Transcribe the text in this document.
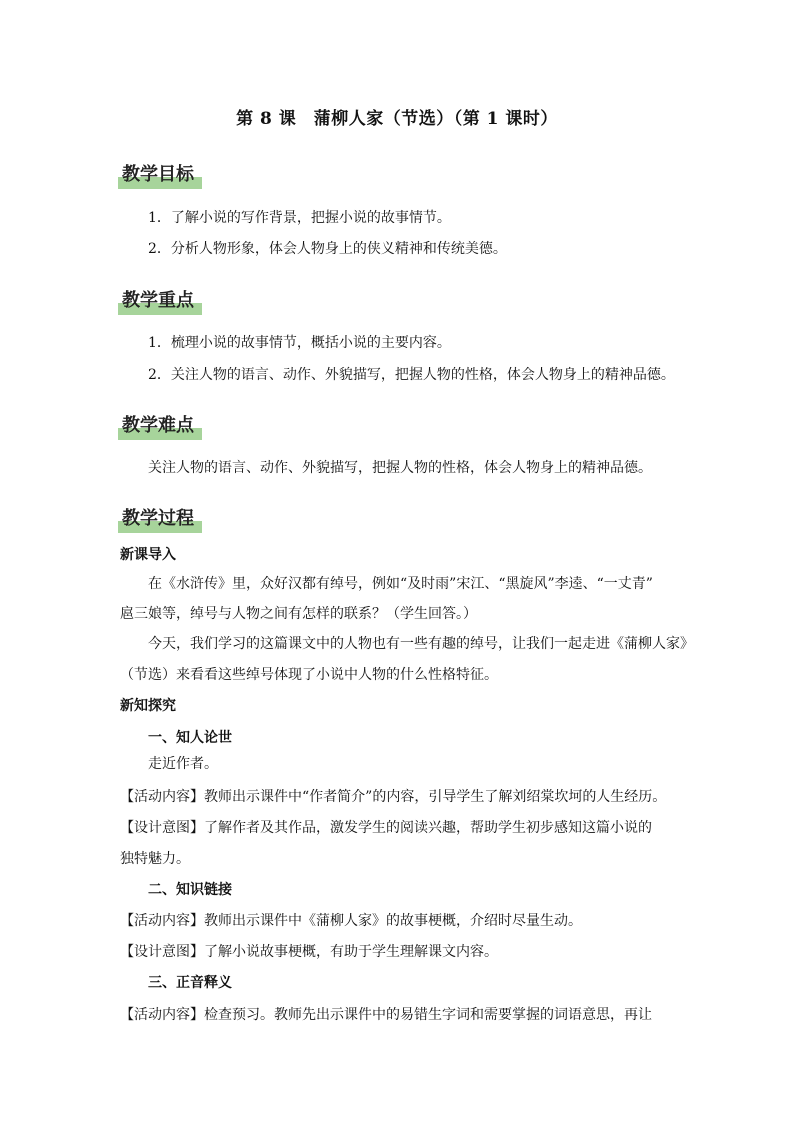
第 8 课　蒲柳人家（节选）（第 1 课时）
教学目标
1．了解小说的写作背景，把握小说的故事情节。
2．分析人物形象，体会人物身上的侠义精神和传统美德。
教学重点
1．梳理小说的故事情节，概括小说的主要内容。
2．关注人物的语言、动作、外貌描写，把握人物的性格，体会人物身上的精神品德。
教学难点
关注人物的语言、动作、外貌描写，把握人物的性格，体会人物身上的精神品德。
教学过程
新课导入
在《水浒传》里，众好汉都有绰号，例如“及时雨”宋江、“黑旋风”李逵、“一丈青”
扈三娘等，绰号与人物之间有怎样的联系？（学生回答。）
今天，我们学习的这篇课文中的人物也有一些有趣的绰号，让我们一起走进《蒲柳人家》
（节选）来看看这些绰号体现了小说中人物的什么性格特征。
新知探究
一、知人论世
走近作者。
【活动内容】教师出示课件中“作者简介”的内容，引导学生了解刘绍棠坎坷的人生经历。
【设计意图】了解作者及其作品，激发学生的阅读兴趣，帮助学生初步感知这篇小说的
独特魅力。
二、知识链接
【活动内容】教师出示课件中《蒲柳人家》的故事梗概，介绍时尽量生动。
【设计意图】了解小说故事梗概，有助于学生理解课文内容。
三、正音释义
【活动内容】检查预习。教师先出示课件中的易错生字词和需要掌握的词语意思，再让
